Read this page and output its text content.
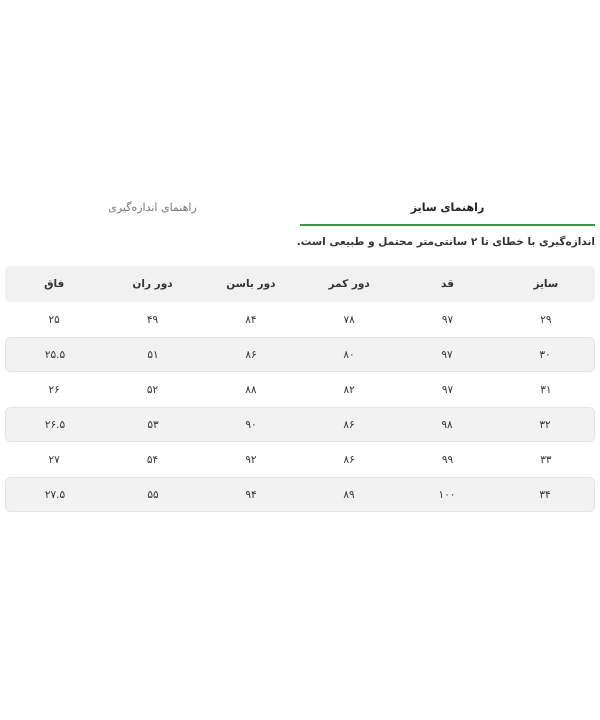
راهنمای سایز
راهنمای اندازه‌گیری
اندازه‌گیری با خطای تا ۲ سانتی‌متر محتمل و طبیعی است.
سایز
قد
دور کمر
دور باسن
دور ران
فاق
۲۹
۹۷
۷۸
۸۴
۴۹
۲۵
۳۰
۹۷
۸۰
۸۶
۵۱
۲۵.۵
۳۱
۹۷
۸۲
۸۸
۵۲
۲۶
۳۲
۹۸
۸۶
۹۰
۵۳
۲۶.۵
۳۳
۹۹
۸۶
۹۲
۵۴
۲۷
۳۴
۱۰۰
۸۹
۹۴
۵۵
۲۷.۵
